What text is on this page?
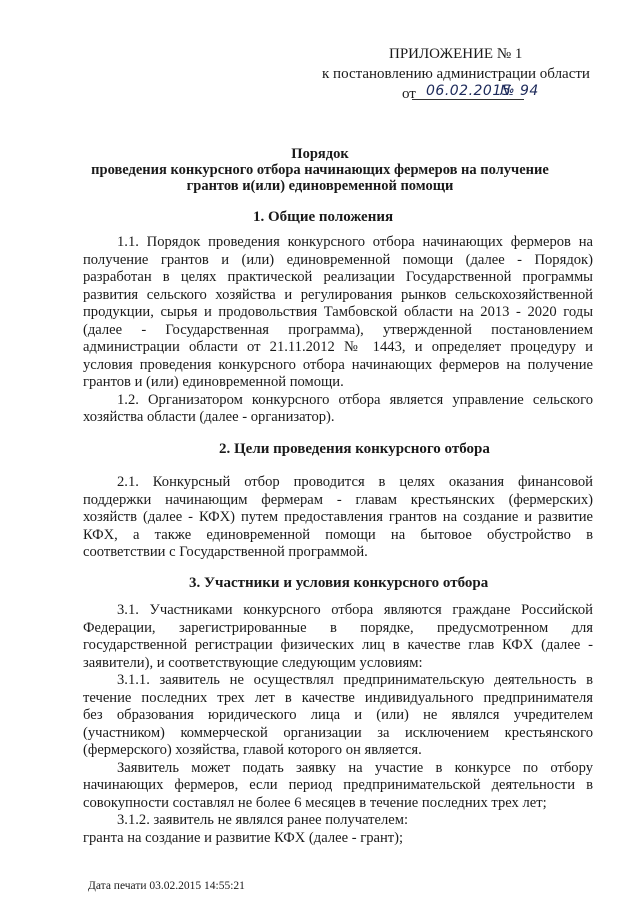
ПРИЛОЖЕНИЕ № 1
к постановлению администрации области
от 06.02.2015
№ 94
Порядок
проведения конкурсного отбора начинающих фермеров на получение
грантов и(или) единовременной помощи
1. Общие положения
1.1. Порядок проведения конкурсного отбора начинающих фермеров на
получение грантов и (или) единовременной помощи (далее - Порядок)
разработан в целях практической реализации Государственной программы
развития сельского хозяйства и регулирования рынков сельскохозяйственной
продукции, сырья и продовольствия Тамбовской области на 2013 - 2020 годы
(далее - Государственная программа), утвержденной постановлением
администрации области от 21.11.2012 № 1443, и определяет процедуру и
условия проведения конкурсного отбора начинающих фермеров на получение
грантов и (или) единовременной помощи.
1.2. Организатором конкурсного отбора является управление сельского
хозяйства области (далее - организатор).
2. Цели проведения конкурсного отбора
2.1. Конкурсный отбор проводится в целях оказания финансовой
поддержки начинающим фермерам - главам крестьянских (фермерских)
хозяйств (далее - КФХ) путем предоставления грантов на создание и развитие
КФХ, а также единовременной помощи на бытовое обустройство в
соответствии с Государственной программой.
3. Участники и условия конкурсного отбора
3.1. Участниками конкурсного отбора являются граждане Российской
Федерации, зарегистрированные в порядке, предусмотренном для
государственной регистрации физических лиц в качестве глав КФХ (далее -
заявители), и соответствующие следующим условиям:
3.1.1. заявитель не осуществлял предпринимательскую деятельность в
течение последних трех лет в качестве индивидуального предпринимателя
без образования юридического лица и (или) не являлся учредителем
(участником) коммерческой организации за исключением крестьянского
(фермерского) хозяйства, главой которого он является.
Заявитель может подать заявку на участие в конкурсе по отбору
начинающих фермеров, если период предпринимательской деятельности в
совокупности составлял не более 6 месяцев в течение последних трех лет;
3.1.2. заявитель не являлся ранее получателем:
гранта на создание и развитие КФХ (далее - грант);
Дата печати 03.02.2015 14:55:21
